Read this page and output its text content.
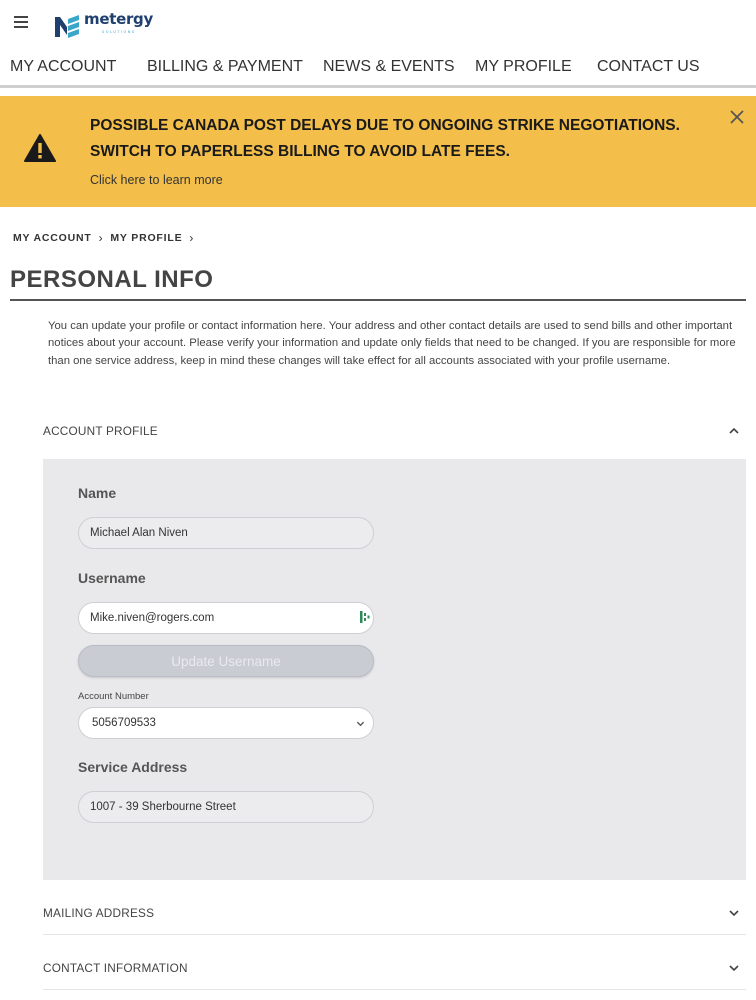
metergy
SOLUTIONS
MY ACCOUNT BILLING & PAYMENT NEWS & EVENTS MY PROFILE CONTACT US
POSSIBLE CANADA POST DELAYS DUE TO ONGOING STRIKE NEGOTIATIONS. SWITCH TO PAPERLESS BILLING TO AVOID LATE FEES.
Click here to learn more
MY ACCOUNT › MY PROFILE ›
PERSONAL INFO
You can update your profile or contact information here. Your address and other contact details are used to send bills and other important notices about your account. Please verify your information and update only fields that need to be changed. If you are responsible for more than one service address, keep in mind these changes will take effect for all accounts associated with your profile username.
ACCOUNT PROFILE
Name
Michael Alan Niven
Username
Mike.niven@rogers.com
Update Username
Account Number
5056709533
Service Address
1007 - 39 Sherbourne Street
MAILING ADDRESS
CONTACT INFORMATION
